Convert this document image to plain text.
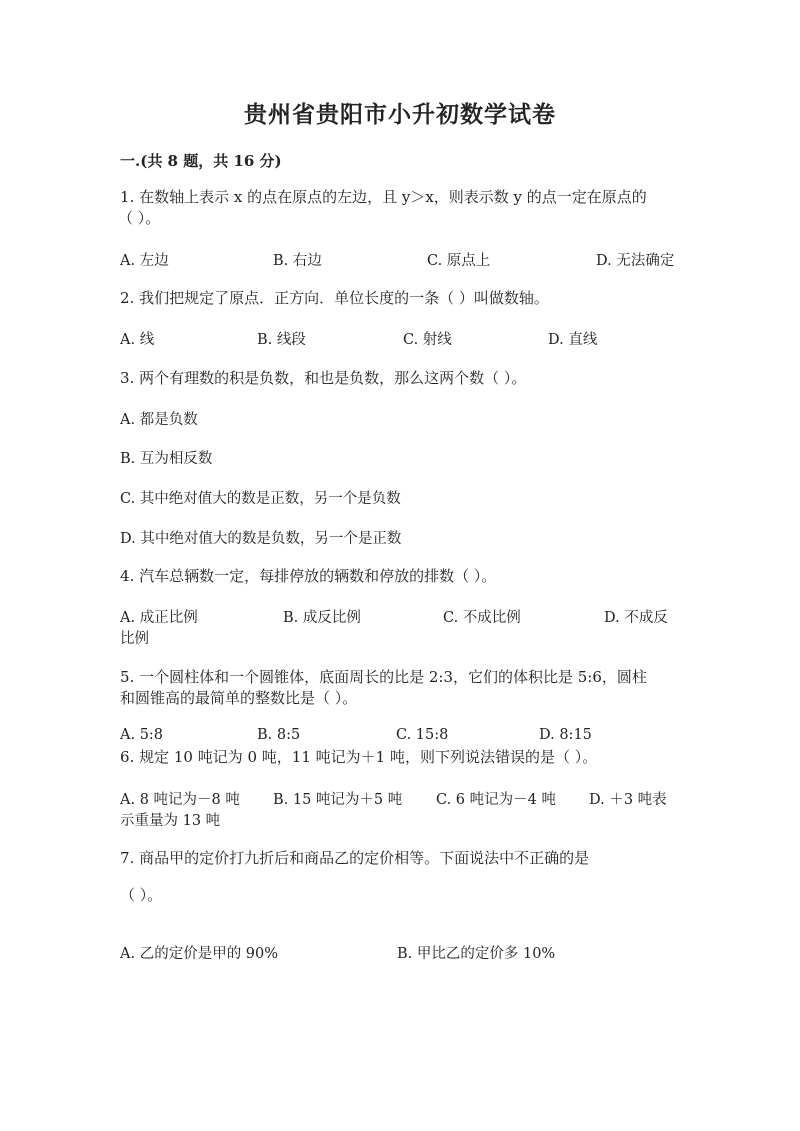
贵州省贵阳市小升初数学试卷
一.(共 8 题，共 16 分)
1. 在数轴上表示 x 的点在原点的左边，且 y＞x，则表示数 y 的点一定在原点的
（ ）。
A. 左边	B. 右边	C. 原点上	D. 无法确定
2. 我们把规定了原点．正方向．单位长度的一条（ ）叫做数轴。
A. 线	B. 线段	C. 射线	D. 直线
3. 两个有理数的积是负数，和也是负数，那么这两个数（ ）。
A. 都是负数
B. 互为相反数
C. 其中绝对值大的数是正数，另一个是负数
D. 其中绝对值大的数是负数，另一个是正数
4. 汽车总辆数一定，每排停放的辆数和停放的排数（ ）。
A. 成正比例	B. 成反比例	C. 不成比例	D. 不成反
比例
5. 一个圆柱体和一个圆锥体，底面周长的比是 2:3，它们的体积比是 5:6，圆柱
和圆锥高的最简单的整数比是（ ）。
A. 5:8	B. 8:5	C. 15:8	D. 8:15
6. 规定 10 吨记为 0 吨，11 吨记为＋1 吨，则下列说法错误的是（ ）。
A. 8 吨记为－8 吨 B. 15 吨记为＋5 吨 C. 6 吨记为－4 吨 D. ＋3 吨表
示重量为 13 吨
7. 商品甲的定价打九折后和商品乙的定价相等。下面说法中不正确的是
（ ）。
A. 乙的定价是甲的 90%	B. 甲比乙的定价多 10%
